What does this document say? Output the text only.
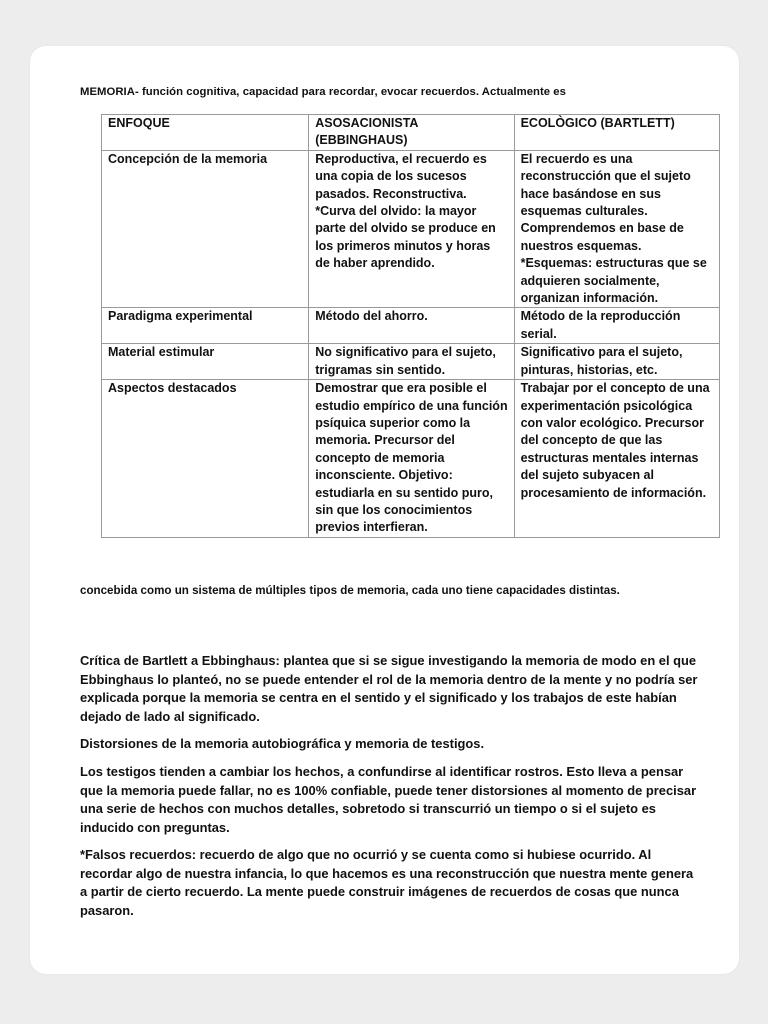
MEMORIA- función cognitiva, capacidad para recordar, evocar recuerdos. Actualmente es
ENFOQUE	ASOSACIONISTA (EBBINGHAUS)	ECOLÒGICO (BARTLETT)
Concepción de la memoria	Reproductiva, el recuerdo es una copia de los sucesos pasados. Reconstructiva. *Curva del olvido: la mayor parte del olvido se produce en los primeros minutos y horas de haber aprendido.	El recuerdo es una reconstrucción que el sujeto hace basándose en sus esquemas culturales. Comprendemos en base de nuestros esquemas. *Esquemas: estructuras que se adquieren socialmente, organizan información.
Paradigma experimental	Método del ahorro.	Método de la reproducción serial.
Material estimular	No significativo para el sujeto, trigramas sin sentido.	Significativo para el sujeto, pinturas, historias, etc.
Aspectos destacados	Demostrar que era posible el estudio empírico de una función psíquica superior como la memoria. Precursor del concepto de memoria inconsciente. Objetivo: estudiarla en su sentido puro, sin que los conocimientos previos interfieran.	Trabajar por el concepto de una experimentación psicológica con valor ecológico. Precursor del concepto de que las estructuras mentales internas del sujeto subyacen al procesamiento de información.
concebida como un sistema de múltiples tipos de memoria, cada uno tiene capacidades distintas.

Crítica de Bartlett a Ebbinghaus: plantea que si se sigue investigando la memoria de modo en el que Ebbinghaus lo planteó, no se puede entender el rol de la memoria dentro de la mente y no podría ser explicada porque la memoria se centra en el sentido y el significado y los trabajos de este habían dejado de lado al significado.

Distorsiones de la memoria autobiográfica y memoria de testigos.

Los testigos tienden a cambiar los hechos, a confundirse al identificar rostros. Esto lleva a pensar que la memoria puede fallar, no es 100% confiable, puede tener distorsiones al momento de precisar una serie de hechos con muchos detalles, sobretodo si transcurrió un tiempo o si el sujeto es inducido con preguntas.

*Falsos recuerdos: recuerdo de algo que no ocurrió y se cuenta como si hubiese ocurrido. Al recordar algo de nuestra infancia, lo que hacemos es una reconstrucción que nuestra mente genera a partir de cierto recuerdo. La mente puede construir imágenes de recuerdos de cosas que nunca pasaron.
